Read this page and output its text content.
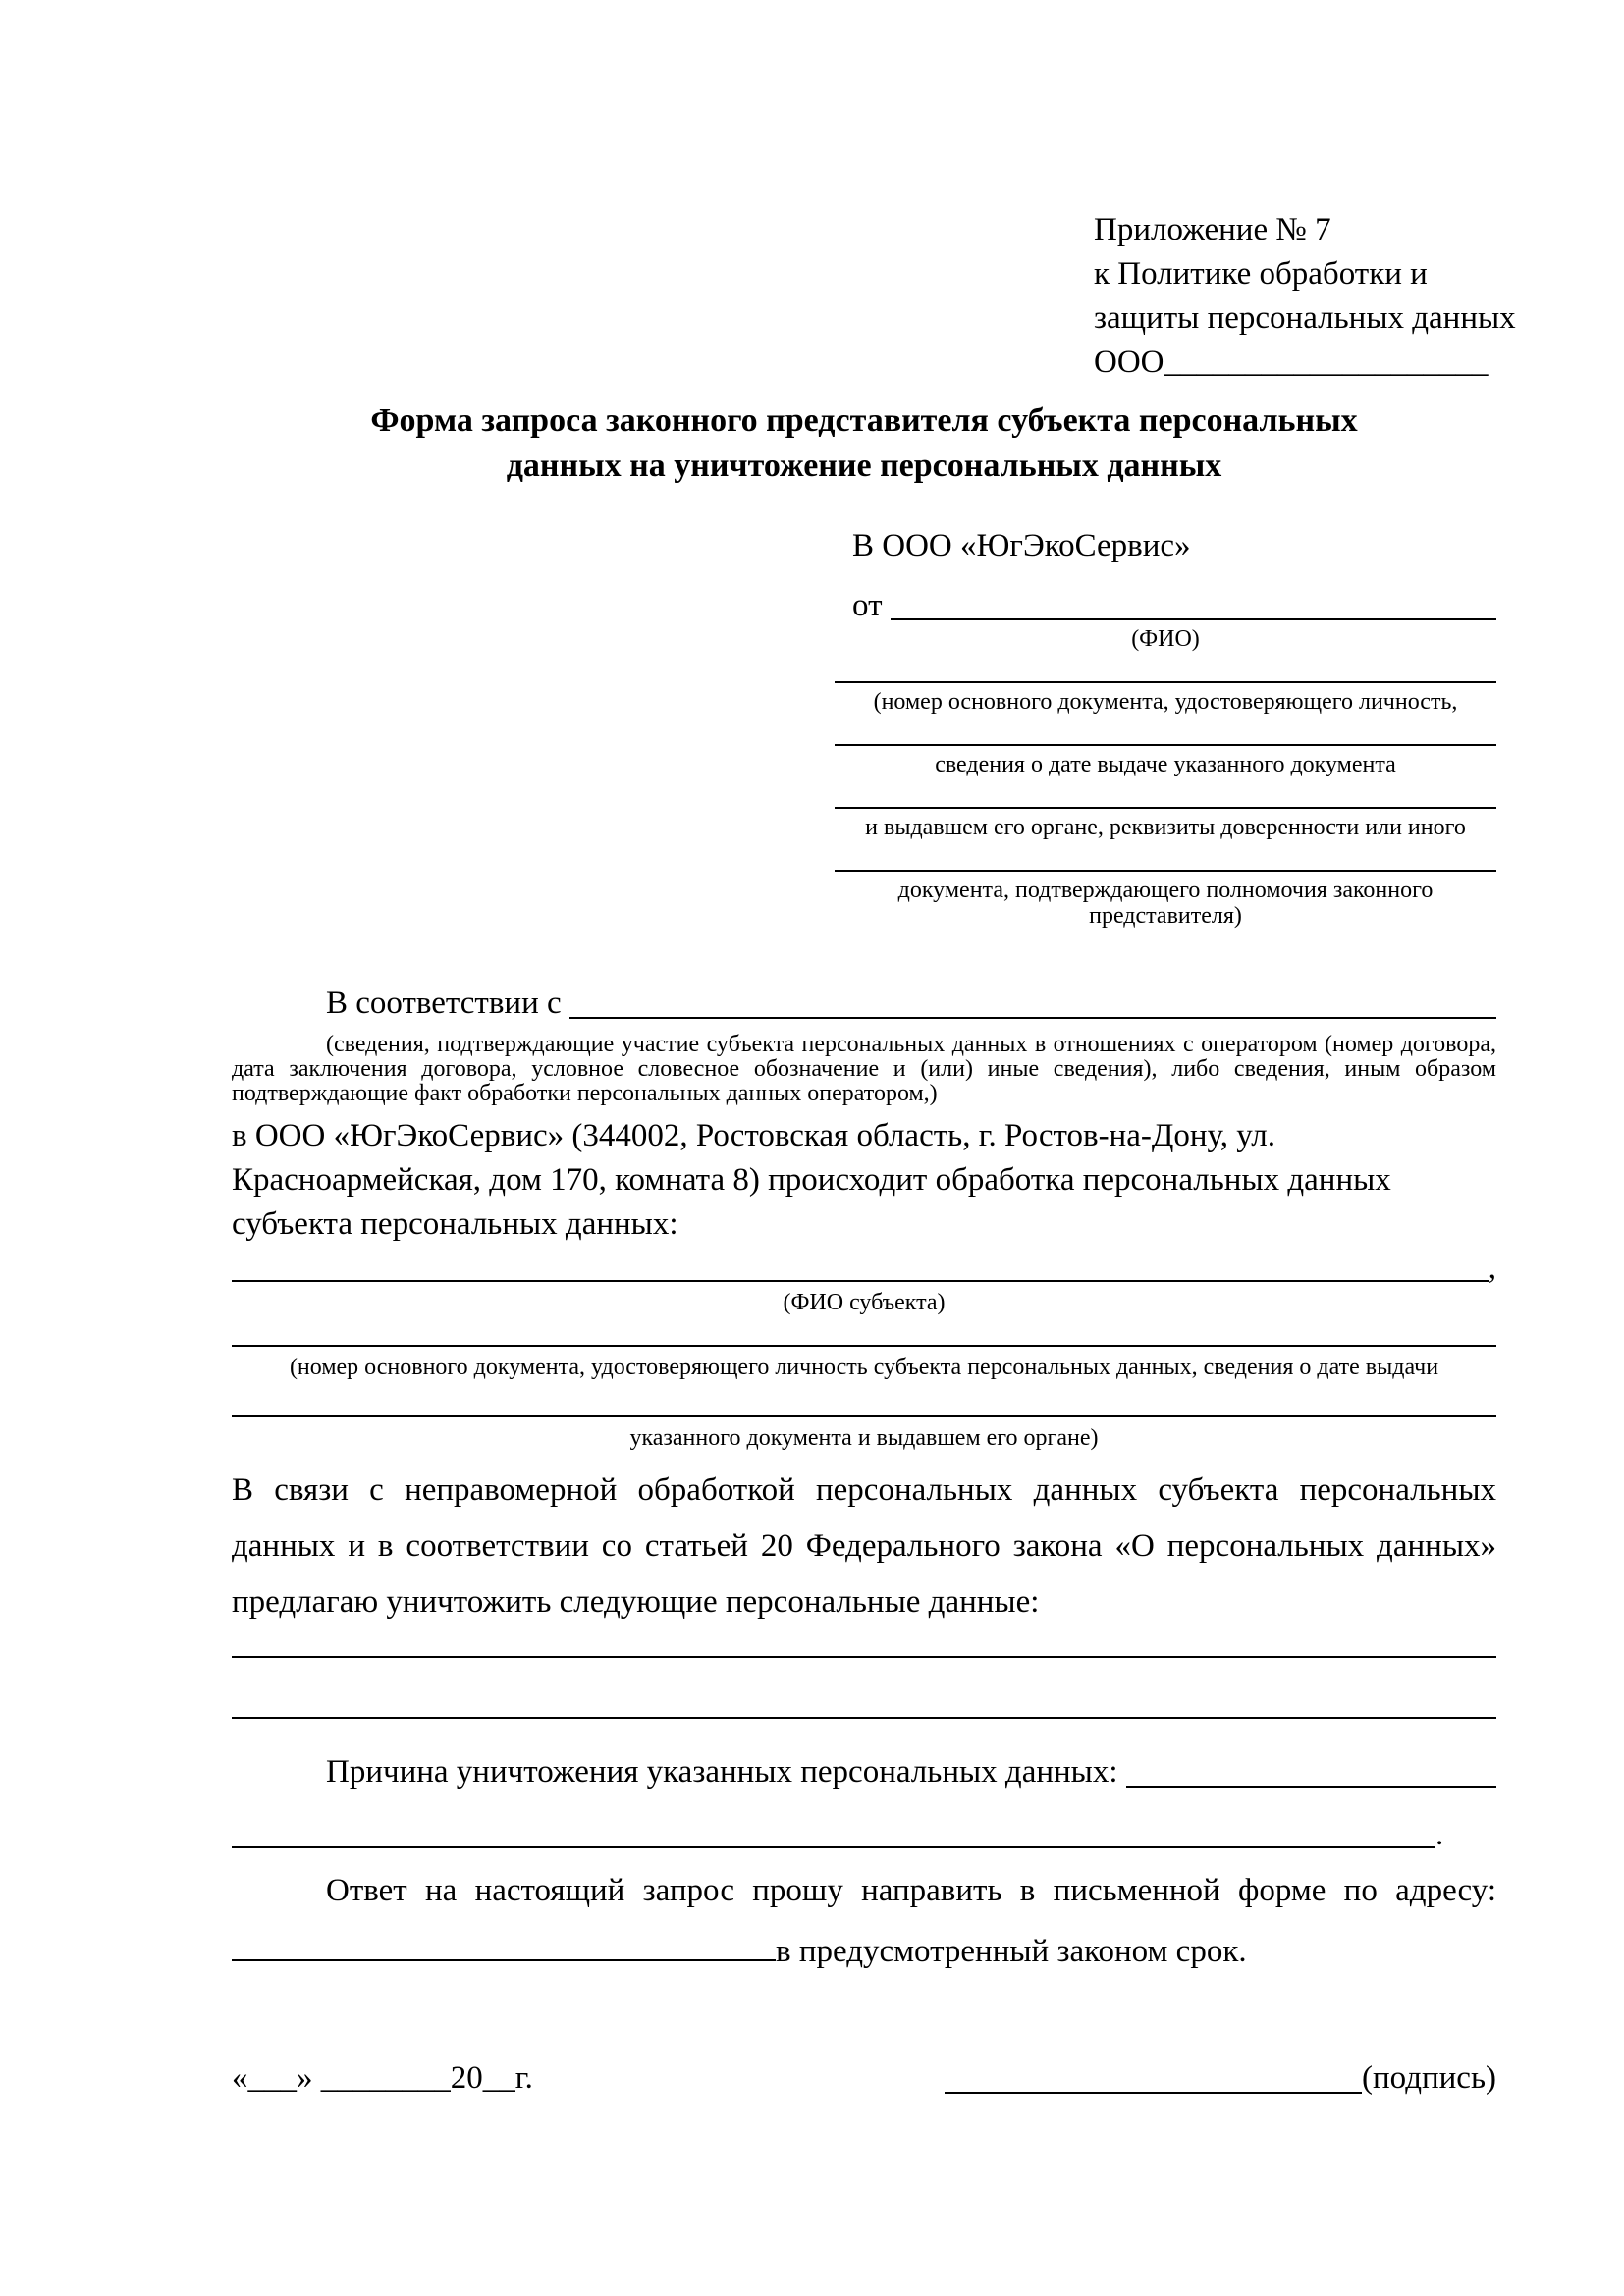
Приложение № 7
к Политике обработки и
защиты персональных данных
ООО____________________
Форма запроса законного представителя субъекта персональных
данных на уничтожение персональных данных
В ООО «ЮгЭкоСервис»
от

(ФИО)
(номер основного документа, удостоверяющего личность,
сведения о дате выдаче указанного документа
и выдавшем его органе, реквизиты доверенности или иного
документа, подтверждающего полномочия законного представителя)
В соответствии с

(сведения, подтверждающие участие субъекта персональных данных в отношениях с оператором (номер договора, дата заключения договора, условное словесное обозначение и (или) иные сведения), либо сведения, иным образом подтверждающие факт обработки персональных данных оператором,)
в ООО «ЮгЭкоСервис» (344002, Ростовская область, г. Ростов-на-Дону, ул. Красноармейская, дом 170, комната 8) происходит обработка персональных данных субъекта персональных данных:
,
(ФИО субъекта)
(номер основного документа, удостоверяющего личность субъекта персональных данных, сведения о дате выдачи
указанного документа и выдавшем его органе)
В связи с неправомерной обработкой персональных данных субъекта персональных данных и в соответствии со статьей 20 Федерального закона «О персональных данных» предлагаю уничтожить следующие персональные данные:
Причина уничтожения указанных персональных данных:

.
Ответ на настоящий запрос прошу направить в письменной форме по адресу: в предусмотренный законом срок.
«___» ________20__г.	(подпись)
